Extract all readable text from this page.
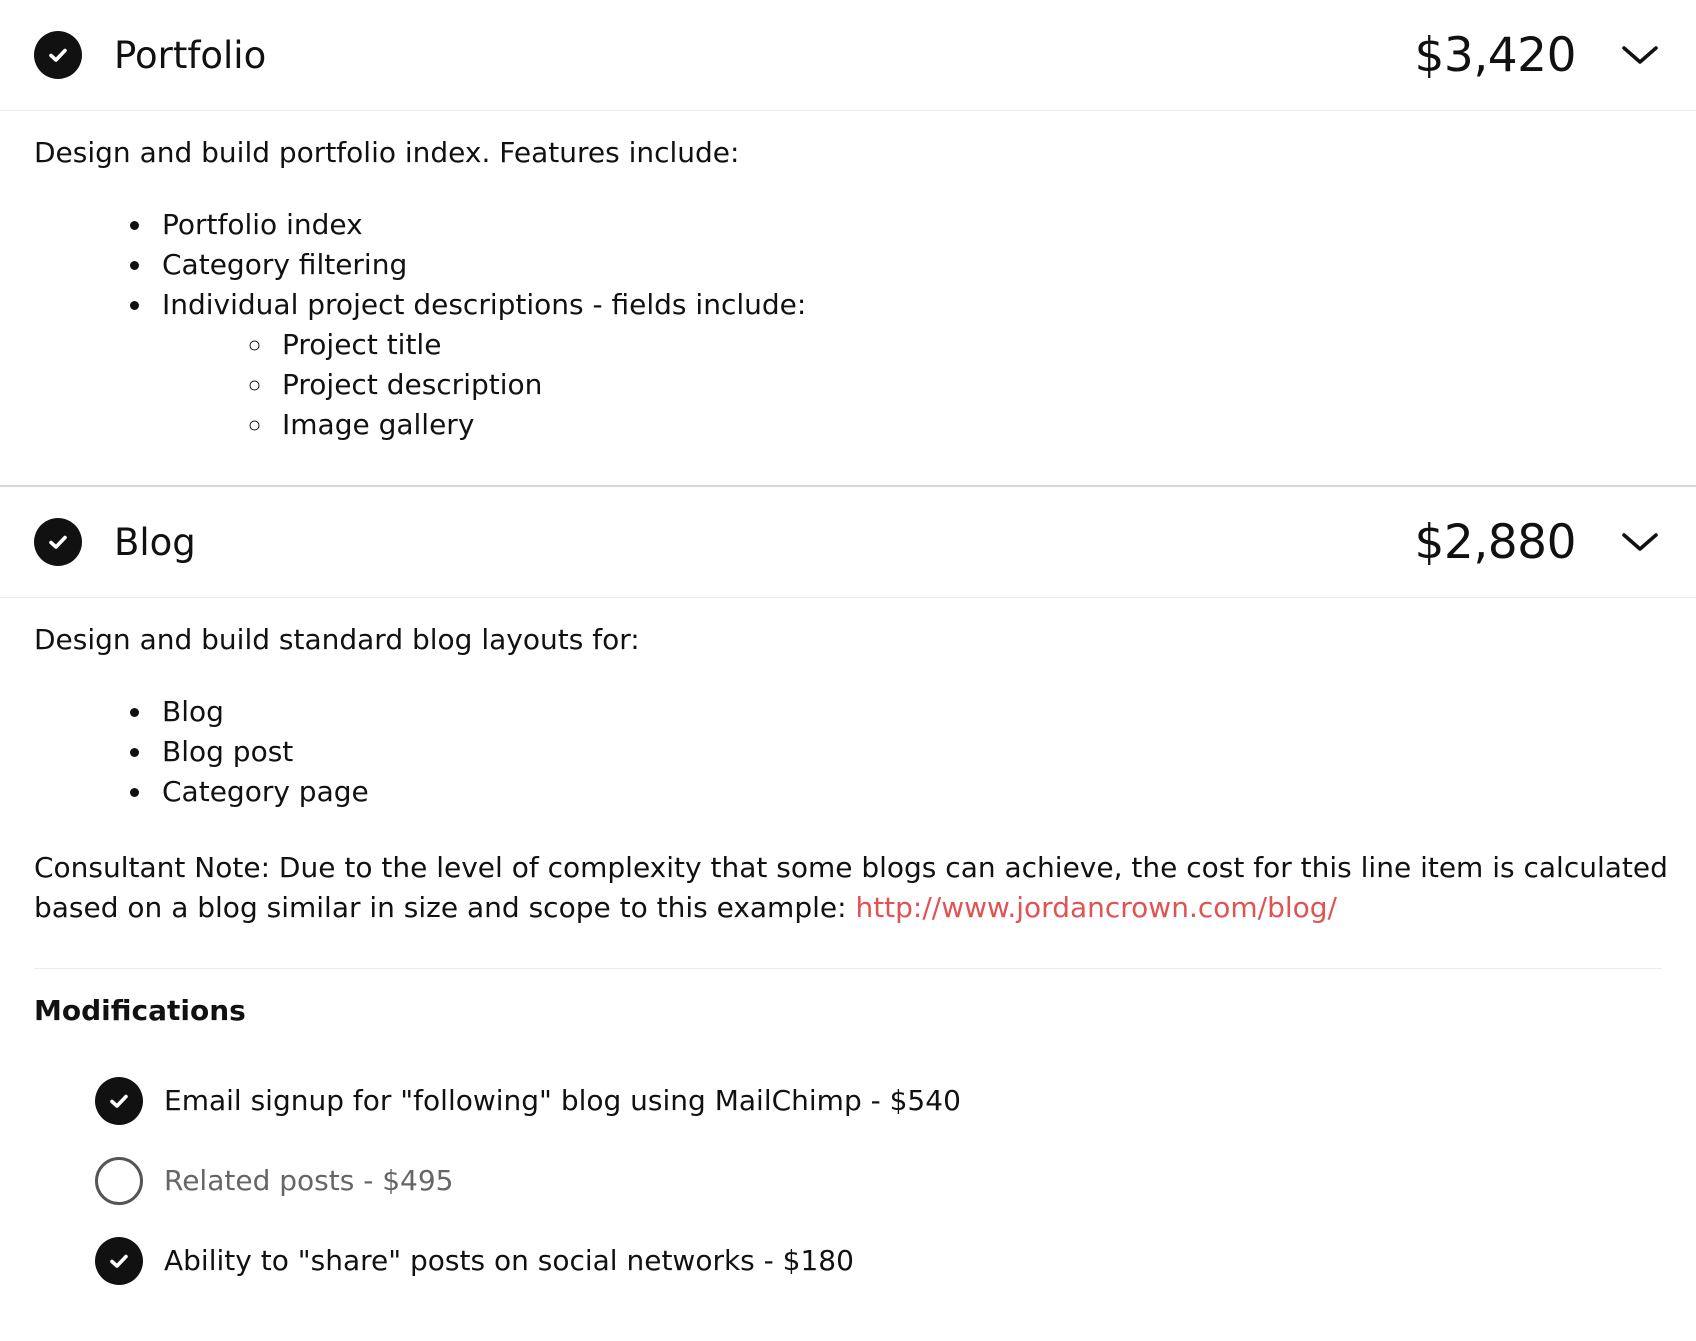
Portfolio	$3,420

Design and build portfolio index. Features include:

• Portfolio index
• Category filtering
• Individual project descriptions - fields include:
◦ Project title
◦ Project description
◦ Image gallery
Blog	$2,880

Design and build standard blog layouts for:

• Blog
• Blog post
• Category page

Consultant Note: Due to the level of complexity that some blogs can achieve, the cost for this line item is calculated based on a blog similar in size and scope to this example: http://www.jordancrown.com/blog/

Modifications
Email signup for "following" blog using MailChimp - $540
Related posts - $495
Ability to "share" posts on social networks - $180
